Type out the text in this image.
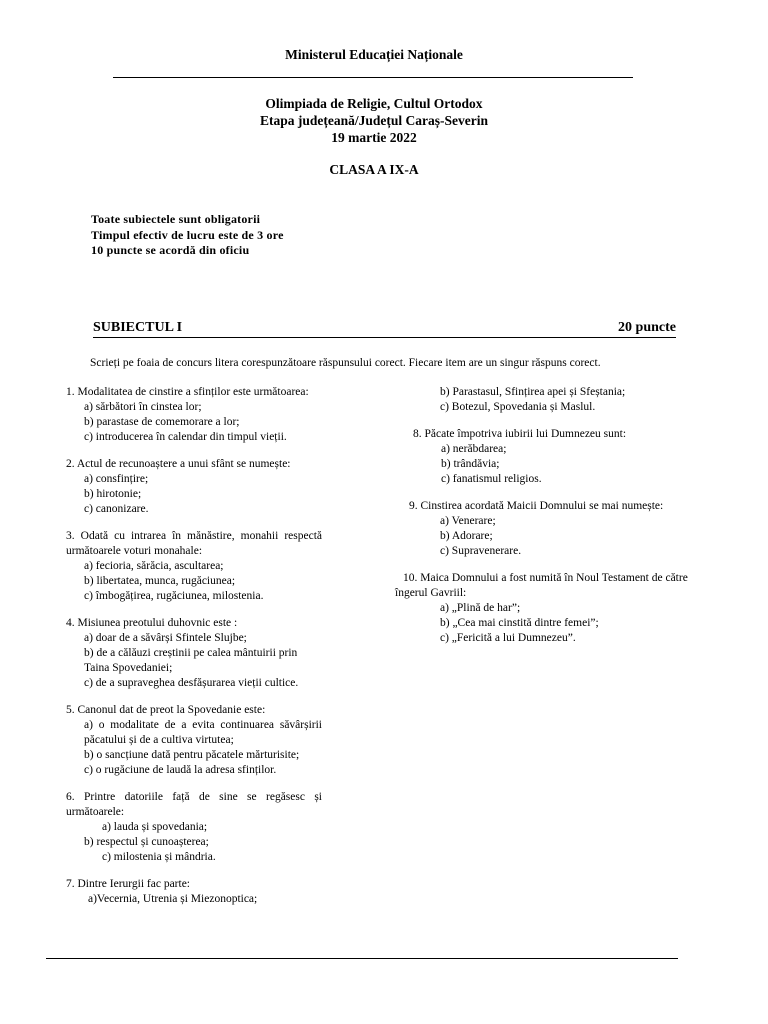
Ministerul Educației Naționale
Olimpiada de Religie, Cultul Ortodox
Etapa județeană/Județul Caraș-Severin
19 martie 2022
CLASA A IX-A
Toate subiectele sunt obligatorii
Timpul efectiv de lucru este de 3 ore
10 puncte se acordă din oficiu
SUBIECTUL I	20 puncte
Scrieți pe foaia de concurs litera corespunzătoare răspunsului corect. Fiecare item are un singur răspuns corect.
1. Modalitatea de cinstire a sfinților este următoarea:
a) sărbători în cinstea lor;
b) parastase de comemorare a lor;
c) introducerea în calendar din timpul vieții.
2. Actul de recunoaștere a unui sfânt se numește:
a) consfințire;
b) hirotonie;
c) canonizare.
3. Odată cu intrarea în mănăstire, monahii respectă următoarele voturi monahale:
a) fecioria, sărăcia, ascultarea;
b) libertatea, munca, rugăciunea;
c) îmbogățirea, rugăciunea, milostenia.
4. Misiunea preotului duhovnic este :
a) doar de a săvârși Sfintele Slujbe;
b) de a călăuzi creștinii pe calea mântuirii prin Taina Spovedaniei;
c) de a supraveghea desfășurarea vieții cultice.
5. Canonul dat de preot la Spovedanie este:
a) o modalitate de a evita continuarea săvârșirii păcatului și de a cultiva virtutea;
b) o sancțiune dată pentru păcatele mărturisite;
c) o rugăciune de laudă la adresa sfinților.
6. Printre datoriile față de sine se regăsesc și următoarele:
a) lauda și spovedania;
b) respectul și cunoașterea;
c) milostenia și mândria.
7. Dintre Ierurgii fac parte:
a)Vecernia, Utrenia și Miezonoptica;
b) Parastasul, Sfințirea apei și Sfeștania;
c) Botezul, Spovedania și Maslul.
8. Păcate împotriva iubirii lui Dumnezeu sunt:
a) nerăbdarea;
b) trândăvia;
c) fanatismul religios.
9. Cinstirea acordată Maicii Domnului se mai numește:
a) Venerare;
b) Adorare;
c) Supravenerare.
10. Maica Domnului a fost numită în Noul Testament de către îngerul Gavriil:
a) „Plină de har”;
b) „Cea mai cinstită dintre femei”;
c) „Fericită a lui Dumnezeu”.
